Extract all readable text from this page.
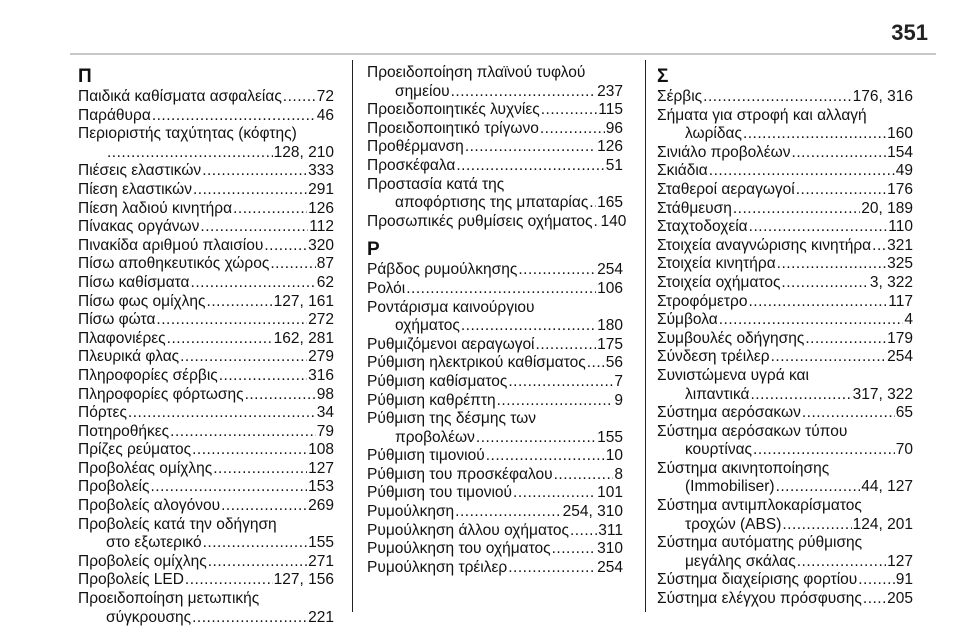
351
Π
Παιδικά καθίσματα ασφαλείας ..... 72
Παράθυρα .....	46
Περιοριστής ταχύτητας (κόφτης)
.....
128, 210
Πιέσεις ελαστικών .....	333
Πίεση ελαστικών .....	291
Πίεση λαδιού κινητήρα .....	126
Πίνακας οργάνων .....	112
Πινακίδα αριθμού πλαισίου .....	320
Πίσω αποθηκευτικός χώρος .....	87
Πίσω καθίσματα .....	62
Πίσω φως ομίχλης .....	127, 161
Πίσω φώτα .....	272
Πλαφονιέρες .....	162, 281
Πλευρικά φλας .....	279
Πληροφορίες σέρβις .....	316
Πληροφορίες φόρτωσης .....	98
Πόρτες .....	34
Ποτηροθήκες .....	79
Πρίζες ρεύματος .....	108
Προβολέας ομίχλης .....	127
Προβολείς .....	153
Προβολείς αλογόνου .....	269
Προβολείς κατά την οδήγηση
στο εξωτερικό .....	155
Προβολείς ομίχλης .....	271
Προβολείς LED .....	127, 156
Προειδοποίηση μετωπικής
σύγκρουσης .....	221
Προειδοποίηση πλαϊνού τυφλού
σημείου .....	237
Προειδοποιητικές λυχνίες .....	115
Προειδοποιητικό τρίγωνο .....	96
Προθέρμανση .....	126
Προσκέφαλα .....	51
Προστασία κατά της
αποφόρτισης της μπαταρίας ..... 165
Προσωπικές ρυθμίσεις οχήματος ..... 140
Ρ
Ράβδος ρυμούλκησης .....	254
Ρολόι .....	106
Ροντάρισμα καινούργιου
οχήματος .....	180
Ρυθμιζόμενοι αεραγωγοί .....	175
Ρύθμιση ηλεκτρικού καθίσματος ..... 56
Ρύθμιση καθίσματος .....	7
Ρύθμιση καθρέπτη .....	9
Ρύθμιση της δέσμης των
προβολέων .....	155
Ρύθμιση τιμονιού .....	10
Ρύθμιση του προσκέφαλου .....	8
Ρύθμιση του τιμονιού .....	101
Ρυμούλκηση .....	254, 310
Ρυμούλκηση άλλου οχήματος ..... 311
Ρυμούλκηση του οχήματος .....	310
Ρυμούλκηση τρέιλερ .....	254
Σ
Σέρβις .....	176, 316
Σήματα για στροφή και αλλαγή
λωρίδας .....	160
Σινιάλο προβολέων .....	154
Σκιάδια .....	49
Σταθεροί αεραγωγοί .....	176
Στάθμευση .....	20, 189
Σταχτοδοχεία .....	110
Στοιχεία αναγνώρισης κινητήρα ..... 321
Στοιχεία κινητήρα .....	325
Στοιχεία οχήματος .....	3, 322
Στροφόμετρο .....	117
Σύμβολα .....	4
Συμβουλές οδήγησης .....	179
Σύνδεση τρέιλερ .....	254
Συνιστώμενα υγρά και
λιπαντικά .....	317, 322
Σύστημα αερόσακων .....	65
Σύστημα αερόσακων τύπου
κουρτίνας .....	70
Σύστημα ακινητοποίησης
(Immobiliser) .....	44, 127
Σύστημα αντιμπλοκαρίσματος
τροχών (ABS) .....	124, 201
Σύστημα αυτόματης ρύθμισης
μεγάλης σκάλας .....	127
Σύστημα διαχείρισης φορτίου ..... 91
Σύστημα ελέγχου πρόσφυσης ..... 205
